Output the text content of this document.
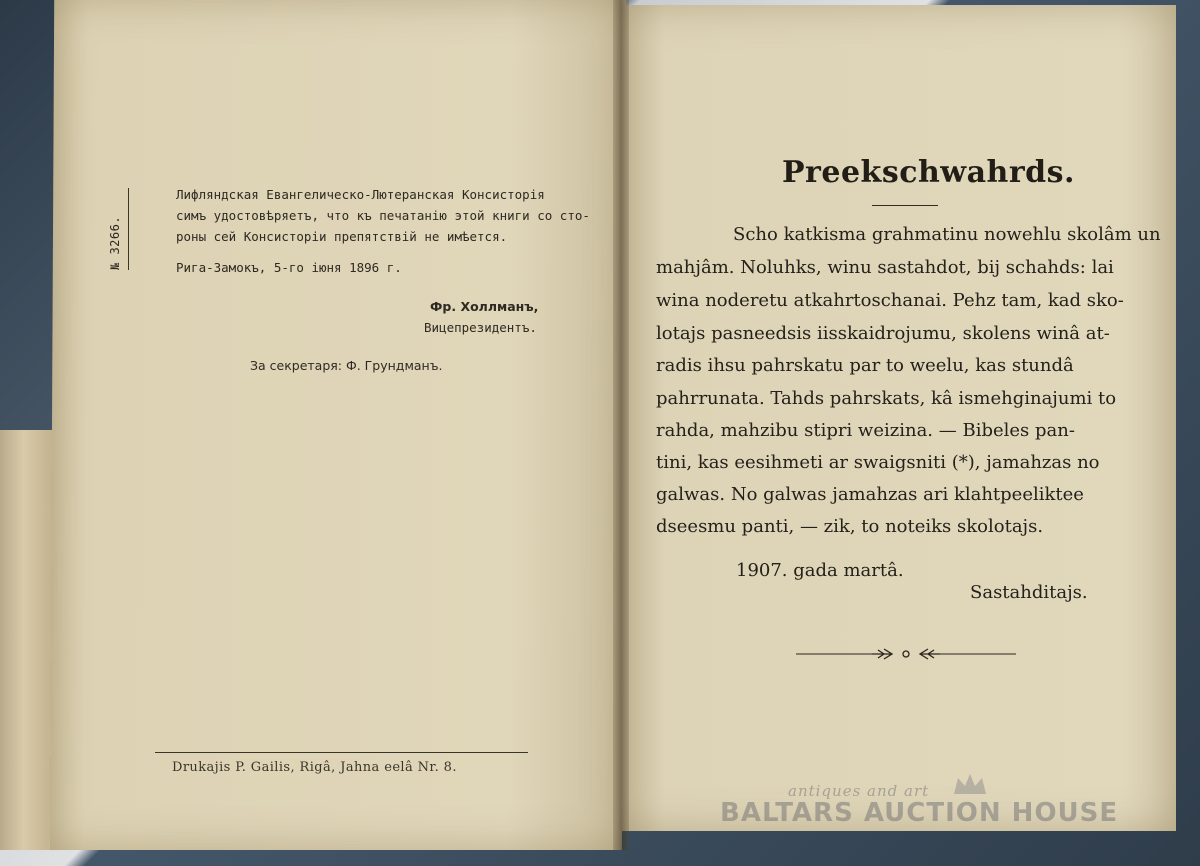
№ 3266.
Лифляндская Евангелическо-Лютеранская Консисторія
симъ удостовѣряетъ, что къ печатанію этой книги со сто-
роны сей Консисторіи препятствій не имѣется.
Рига-Замокъ, 5-го іюня 1896 г.
Фр. Холлманъ,
Вицепрезидентъ.
За секретаря: Ф. Грундманъ.
Drukajis P. Gailis, Rigâ, Jahna eelâ Nr. 8.
Preekschwahrds.
Scho katkisma grahmatinu nowehlu skolâm un
mahjâm. Noluhks, winu sastahdot, bij schahds: lai
wina noderetu atkahrtoschanai. Pehz tam, kad sko-
lotajs pasneedsis iisskaidrojumu, skolens winâ at-
radis ihsu pahrskatu par to weelu, kas stundâ
pahrrunata. Tahds pahrskats, kâ ismehginajumi to
rahda, mahzibu stipri weizina. — Bibeles pan-
tini, kas eesihmeti ar swaigsniti (*), jamahzas no
galwas. No galwas jamahzas ari klahtpeeliktee
dseesmu panti, — zik, to noteiks skolotajs.
1907. gada martâ.
Sastahditajs.
antiques and art
BALTARS AUCTION HOUSE
